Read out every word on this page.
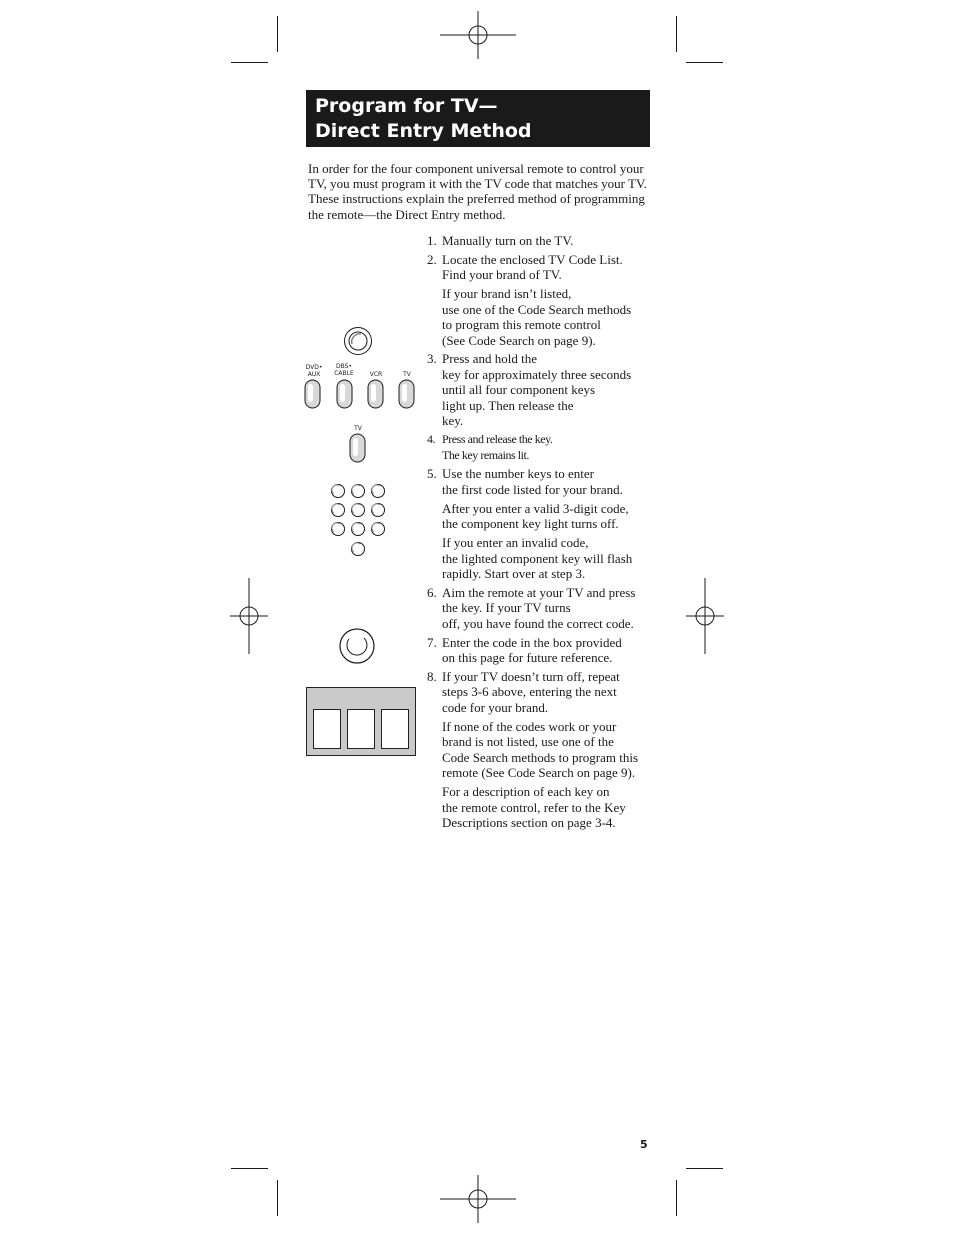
Program for TV—
Direct Entry Method
In order for the four component universal remote to control your TV, you must program it with the TV code that matches your TV. These instructions explain the preferred method of programming the remote—the Direct Entry method.
1. Manually turn on the TV.
2. Locate the enclosed TV Code List.
Find your brand of TV.
If your brand isn’t listed,
use one of the Code Search methods
to program this remote control
(See Code Search on page 9).
3. Press and hold the
key for approximately three seconds
until all four component keys
light up. Then release the
key.
4. Press and release the key.
The key remains lit.
5. Use the number keys to enter
the first code listed for your brand.
After you enter a valid 3-digit code,
the component key light turns off.
If you enter an invalid code,
the lighted component key will flash
rapidly. Start over at step 3.
6. Aim the remote at your TV and press
the key. If your TV turns
off, you have found the correct code.
7. Enter the code in the box provided
on this page for future reference.
8. If your TV doesn’t turn off, repeat
steps 3-6 above, entering the next
code for your brand.
If none of the codes work or your
brand is not listed, use one of the
Code Search methods to program this
remote (See Code Search on page 9).
For a description of each key on
the remote control, refer to the Key
Descriptions section on page 3-4.
DVD•
AUX
DBS•
CABLE	VCR	TV
TV
5
